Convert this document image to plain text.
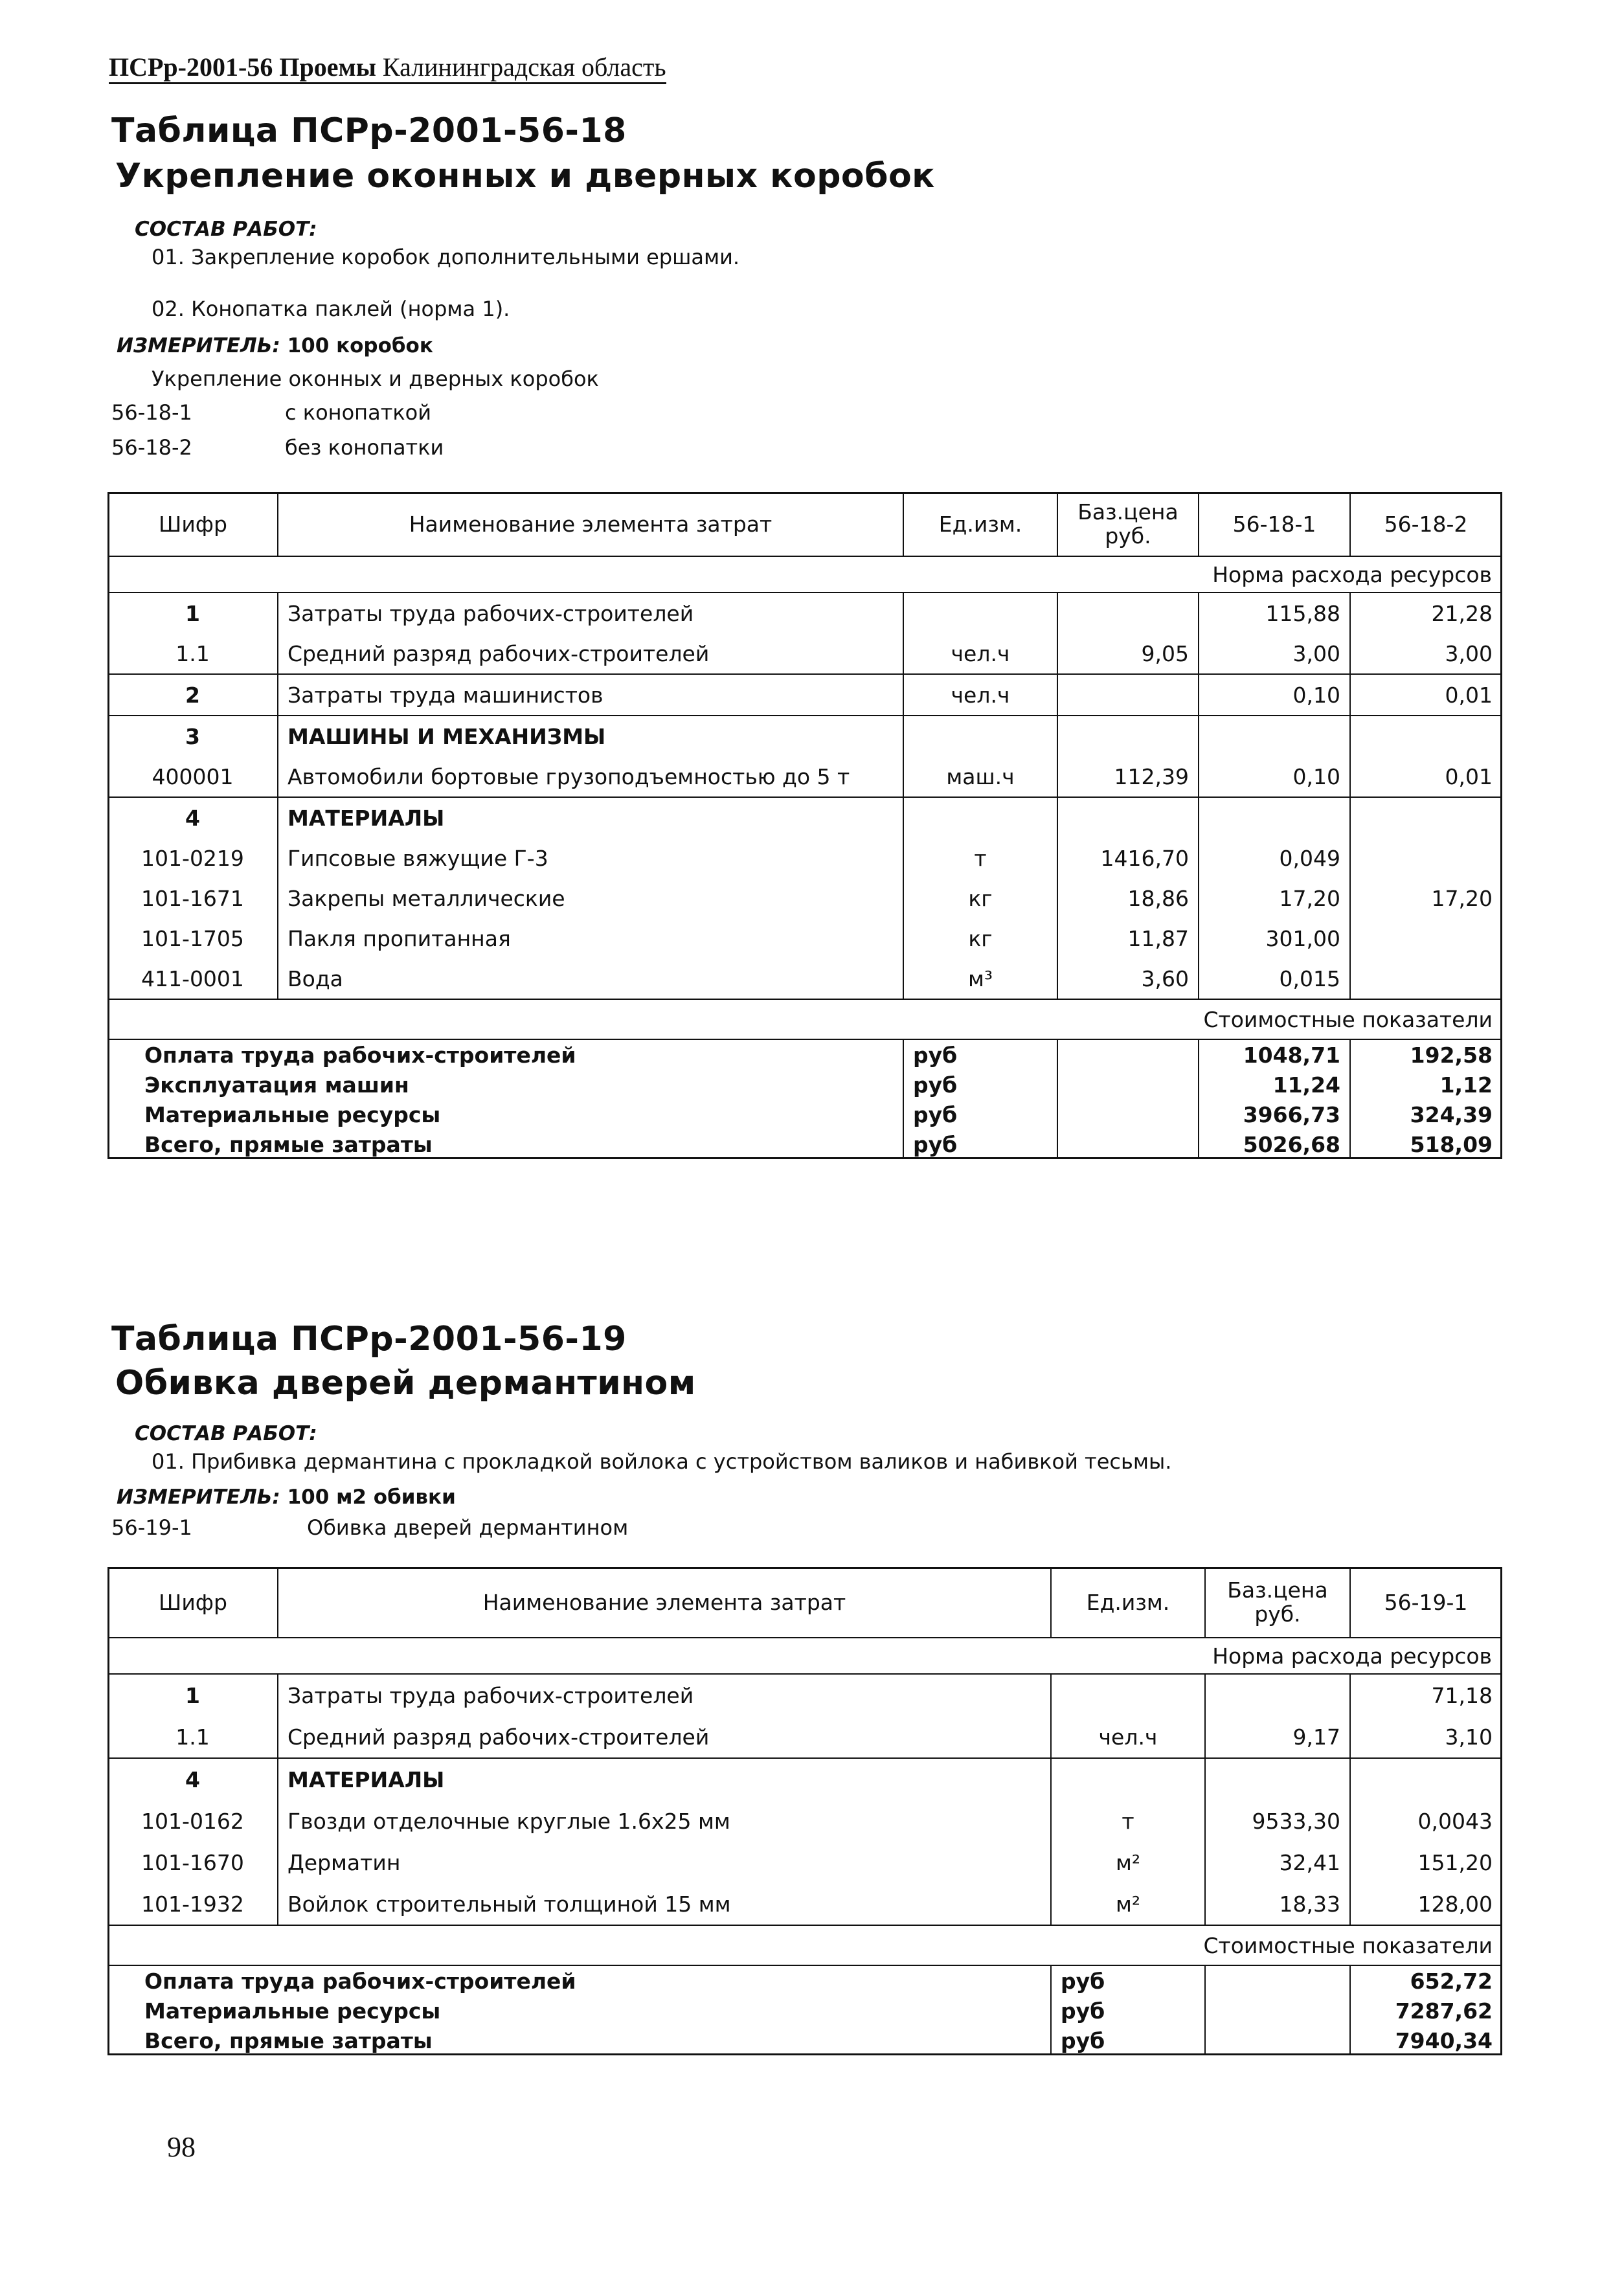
ПСРр-2001-56 Проемы Калининградская область
Таблица ПСРр-2001-56-18
Укрепление оконных и дверных коробок
СОСТАВ РАБОТ:
01. Закрепление коробок дополнительными ершами.
02. Конопатка паклей (норма 1).
ИЗМЕРИТЕЛЬ: 100 коробок
Укрепление оконных и дверных коробок
56-18-1	с конопаткой
56-18-2	без конопатки
Шифр	Наименование элемента затрат	Ед.изм.	Баз.цена руб.	56-18-1	56-18-2
Норма расхода ресурсов					
1	Затраты труда рабочих-строителей			115,88	21,28
1.1	Средний разряд рабочих-строителей	чел.ч	9,05	3,00	3,00
2	Затраты труда машинистов	чел.ч		0,10	0,01
3	МАШИНЫ И МЕХАНИЗМЫ				
400001	Автомобили бортовые грузоподъемностью до 5 т	маш.ч	112,39	0,10	0,01
4	МАТЕРИАЛЫ				
101-0219	Гипсовые вяжущие Г-3	т	1416,70	0,049	
101-1671	Закрепы металлические	кг	18,86	17,20	17,20
101-1705	Пакля пропитанная	кг	11,87	301,00	
411-0001	Вода	м³	3,60	0,015	
Стоимостные показатели					
Оплата труда рабочих-строителей		руб		1048,71	192,58
Эксплуатация машин		руб		11,24	1,12
Материальные ресурсы		руб		3966,73	324,39
Всего, прямые затраты		руб		5026,68	518,09
Таблица ПСРр-2001-56-19
Обивка дверей дермантином
СОСТАВ РАБОТ:
01. Прибивка дермантина с прокладкой войлока с устройством валиков и набивкой тесьмы.
ИЗМЕРИТЕЛЬ: 100 м2 обивки
56-19-1	Обивка дверей дермантином
Шифр	Наименование элемента затрат	Ед.изм.	Баз.цена руб.	56-19-1
Норма расхода ресурсов				
1	Затраты труда рабочих-строителей			71,18
1.1	Средний разряд рабочих-строителей	чел.ч	9,17	3,10
4	МАТЕРИАЛЫ			
101-0162	Гвозди отделочные круглые 1.6х25 мм	т	9533,30	0,0043
101-1670	Дерматин	м²	32,41	151,20
101-1932	Войлок строительный толщиной 15 мм	м²	18,33	128,00
Стоимостные показатели				
Оплата труда рабочих-строителей		руб		652,72
Материальные ресурсы		руб		7287,62
Всего, прямые затраты		руб		7940,34
98
